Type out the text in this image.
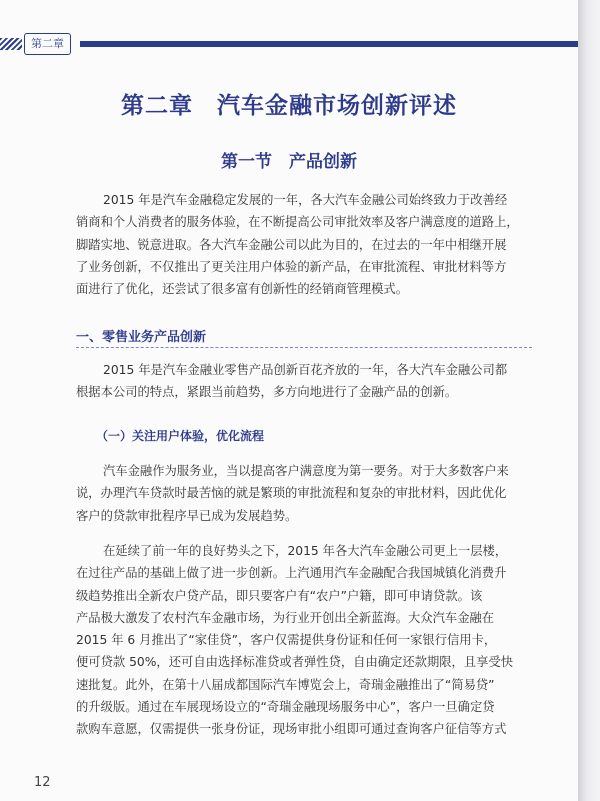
第二章
第二章　汽车金融市场创新评述
第一节　产品创新

2015 年是汽车金融稳定发展的一年，各大汽车金融公司始终致力于改善经
销商和个人消费者的服务体验，在不断提高公司审批效率及客户满意度的道路上，
脚踏实地、锐意进取。各大汽车金融公司以此为目的，在过去的一年中相继开展
了业务创新，不仅推出了更关注用户体验的新产品，在审批流程、审批材料等方
面进行了优化，还尝试了很多富有创新性的经销商管理模式。

一、零售业务产品创新

2015 年是汽车金融业零售产品创新百花齐放的一年，各大汽车金融公司都
根据本公司的特点，紧跟当前趋势，多方向地进行了金融产品的创新。

（一）关注用户体验，优化流程

汽车金融作为服务业，当以提高客户满意度为第一要务。对于大多数客户来
说，办理汽车贷款时最苦恼的就是繁琐的审批流程和复杂的审批材料，因此优化
客户的贷款审批程序早已成为发展趋势。

在延续了前一年的良好势头之下，2015 年各大汽车金融公司更上一层楼，
在过往产品的基础上做了进一步创新。上汽通用汽车金融配合我国城镇化消费升
级趋势推出全新农户贷产品，即只要客户有“农户”户籍，即可申请贷款。该
产品极大激发了农村汽车金融市场，为行业开创出全新蓝海。大众汽车金融在
2015 年 6 月推出了“家佳贷”，客户仅需提供身份证和任何一家银行信用卡，
便可贷款 50%，还可自由选择标准贷或者弹性贷，自由确定还款期限，且享受快
速批复。此外，在第十八届成都国际汽车博览会上，奇瑞金融推出了“简易贷”
的升级版。通过在车展现场设立的“奇瑞金融现场服务中心”，客户一旦确定贷
款购车意愿，仅需提供一张身份证，现场审批小组即可通过查询客户征信等方式

12
